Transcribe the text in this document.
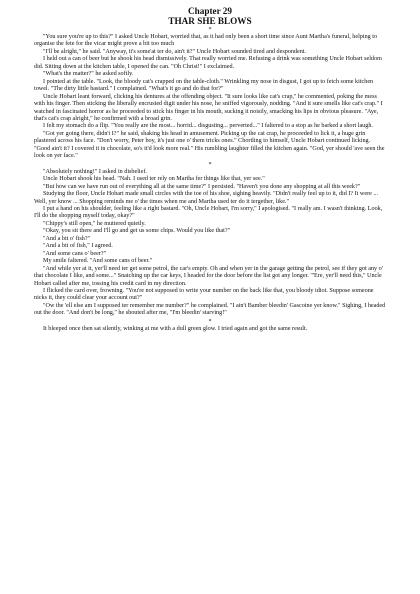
Chapter 29
THAR SHE BLOWS

*

"You sure you're up to this?" I asked Uncle Hobart, worried that, as it had only been a short time since Aunt Martha's funeral, helping to organise the fete for the vicar might prove a bit too much

"I'll be alright," he said. "Anyway, it's some'at ter do, ain't it?" Uncle Hobart sounded tired and despondent.

I held out a can of beer but he shook his head dismissively. That really worried me. Refusing a drink was something Uncle Hobart seldom did. Sitting down at the kitchen table, I opened the can. "Oh Christ!" I exclaimed.

"What's the matter?" he asked softly.

I pointed at the table. "Look, the bloody cat's crapped on the table-cloth." Wrinkling my nose in disgust, I got up to fetch some kitchen towel. "The dirty little bastard." I complained. "What's it go and do that for?"

Uncle Hobart leant forward, clicking his dentures at the offending object. "It sure looks like cat's crap," he commented, poking the mess with his finger. Then sticking the liberally encrusted digit under his nose, he sniffed vigorously, nodding. "And it sure smells like cat's crap." I watched in fascinated horror as he proceeded to stick his finger in his mouth, sucking it noisily, smacking his lips in obvious pleasure. "Aye, that's cat's crap alright," he confirmed with a broad grin.

I felt my stomach do a flip. "You really are the most... horrid... disgusting... perverted..." I faltered to a stop as he barked a short laugh.

"Got yer going there, didn't I?" he said, shaking his head in amusement. Picking up the cat crap, he proceeded to lick it, a huge grin plastered across his face. "Don't worry, Peter boy, it's just one o' them tricks ones." Chortling to himself, Uncle Hobart continued licking. "Good ain't it? I covered it in chocolate, so's it'd look more real." His rumbling laughter filled the kitchen again. "God, yer should 'ave seen the look on yer face."

*

"Absolutely nothing!" I asked in disbelief.

Uncle Hobart shook his head. "Nah. I used ter rely on Martha fer things like that, yer see."

"But how can we have run out of everything all at the same time?" I persisted. "Haven't you done any shopping at all this week?"

Studying the floor, Uncle Hobart made small circles with the toe of his shoe, sighing heavily. "Didn't really feel up to it, did I? It were ... Well, yer know ... Shopping reminds me o' the times when me and Martha used ter do it tergether, like."

I put a hand on his shoulder, feeling like a right bastard. "Oh, Uncle Hobart, I'm sorry," I apologised. "I really am. I wasn't thinking. Look, I'll do the shopping myself today, okay?"

"Chippy's still open," he muttered quietly.

"Okay, you sit there and I'll go and get us some chips. Would you like that?"

"And a bit o' fish?"

"And a bit of fish," I agreed.

"And some cans o' beer?"

My smile faltered. "And some cans of beer."

"And while yer at it, yer'll need ter get some petrol, the car's empty. Oh and when yer in the garage getting the petrol, see if they got any o' that chocolate I like, and some..." Snatching up the car keys, I headed for the door before the list got any longer. "'Ere, yer'll need this," Uncle Hobart called after me, tossing his credit card in my direction.

I flicked the card over, frowning. "You're not supposed to write your number on the back like that, you bloody idiot. Suppose someone nicks it, they could clear your account out?"

"Ow the 'ell else am I supposed ter remember me number?" he complained. "I ain't Bamber bleedin' Gascoine yer know." Sighing, I headed out the door. "And don't be long," he shouted after me, "I'm bleedin' starving!"

*

It bleeped once then sat silently, winking at me with a dull green glow. I tried again and got the same result.
